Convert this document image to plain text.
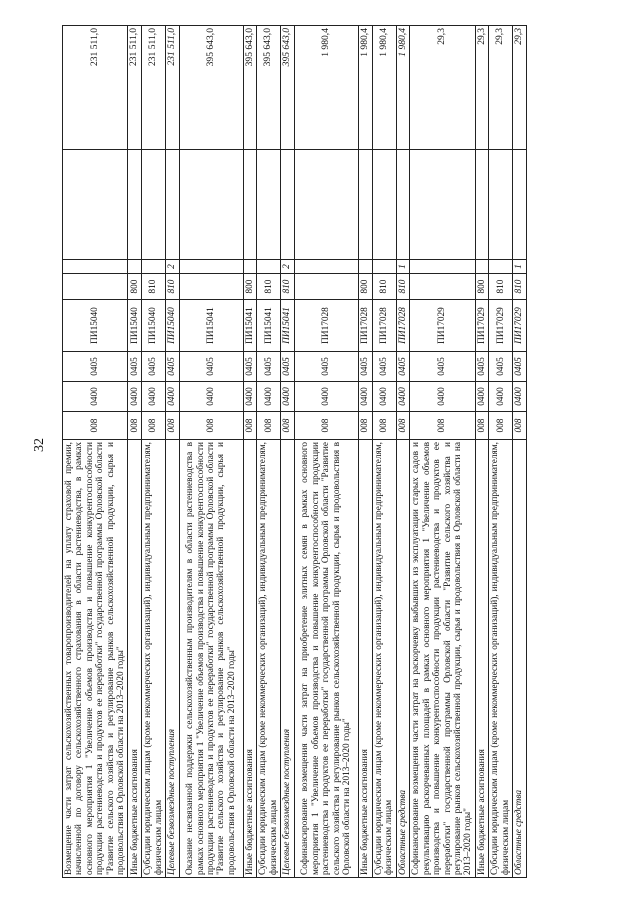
32 Возмещение части затрат сельскохозяйственных товаропроизводителей на уплату страховой премии, начисленной по договору сельскохозяйственного страхования в области растениеводства, в рамках основного мероприятия 1 "Увеличение объемов производства и повышение конкурентоспособности продукции растениеводства и продуктов ее переработки" государственной программы Орловской области "Развитие сельского хозяйства и регулирование рынков сельскохозяйственной продукции, сырья и продовольствия в Орловской области на 2013–2020 годы"	008	0400	0405	ПИ15040				231 511,0
Иные бюджетные ассигнования	008	0400	0405	ПИ15040	800			231 511,0
Субсидии юридическим лицам (кроме некоммерческих организаций), индивидуальным предпринимателям, физическим лицам	008	0400	0405	ПИ15040	810			231 511,0
Целевые безвозмездные поступления	008	0400	0405	ПИ15040	810	2		231 511,0
Оказание несвязанной поддержки сельскохозяйственным производителям в области растениеводства в рамках основного мероприятия 1 "Увеличение объемов производства и повышение конкурентоспособности продукции растениеводства и продуктов ее переработки" государственной программы Орловской области "Развитие сельского хозяйства и регулирование рынков сельскохозяйственной продукции, сырья и продовольствия в Орловской области на 2013–2020 годы"	008	0400	0405	ПИ15041				395 643,0
Иные бюджетные ассигнования	008	0400	0405	ПИ15041	800			395 643,0
Субсидии юридическим лицам (кроме некоммерческих организаций), индивидуальным предпринимателям, физическим лицам	008	0400	0405	ПИ15041	810			395 643,0
Целевые безвозмездные поступления	008	0400	0405	ПИ15041	810	2		395 643,0
Софинансирование возмещения части затрат на приобретение элитных семян в рамках основного мероприятия 1 "Увеличение объемов производства и повышение конкурентоспособности продукции растениеводства и продуктов ее переработки" государственной программы Орловской области "Развитие сельского хозяйства и регулирование рынков сельскохозяйственной продукции, сырья и продовольствия в Орловской области на 2013–2020 годы"	008	0400	0405	ПИ17028				1 980,4
Иные бюджетные ассигнования	008	0400	0405	ПИ17028	800			1 980,4
Субсидии юридическим лицам (кроме некоммерческих организаций), индивидуальным предпринимателям, физическим лицам	008	0400	0405	ПИ17028	810			1 980,4
Областные средства	008	0400	0405	ПИ17028	810	1		1 980,4
Софинансирование возмещения части затрат на раскорчевку выбывших из эксплуатации старых садов и рекультивацию раскорчеванных площадей в рамках основного мероприятия 1 "Увеличение объемов производства и повышение конкурентоспособности продукции растениеводства и продуктов ее переработки" государственной программы Орловской области "Развитие сельского хозяйства и регулирование рынков сельскохозяйственной продукции, сырья и продовольствия в Орловской области на 2013–2020 годы"	008	0400	0405	ПИ17029				29,3
Иные бюджетные ассигнования	008	0400	0405	ПИ17029	800			29,3
Субсидии юридическим лицам (кроме некоммерческих организаций), индивидуальным предпринимателям, физическим лицам	008	0400	0405	ПИ17029	810			29,3
Областные средства	008	0400	0405	ПИ17029	810	1		29,3
